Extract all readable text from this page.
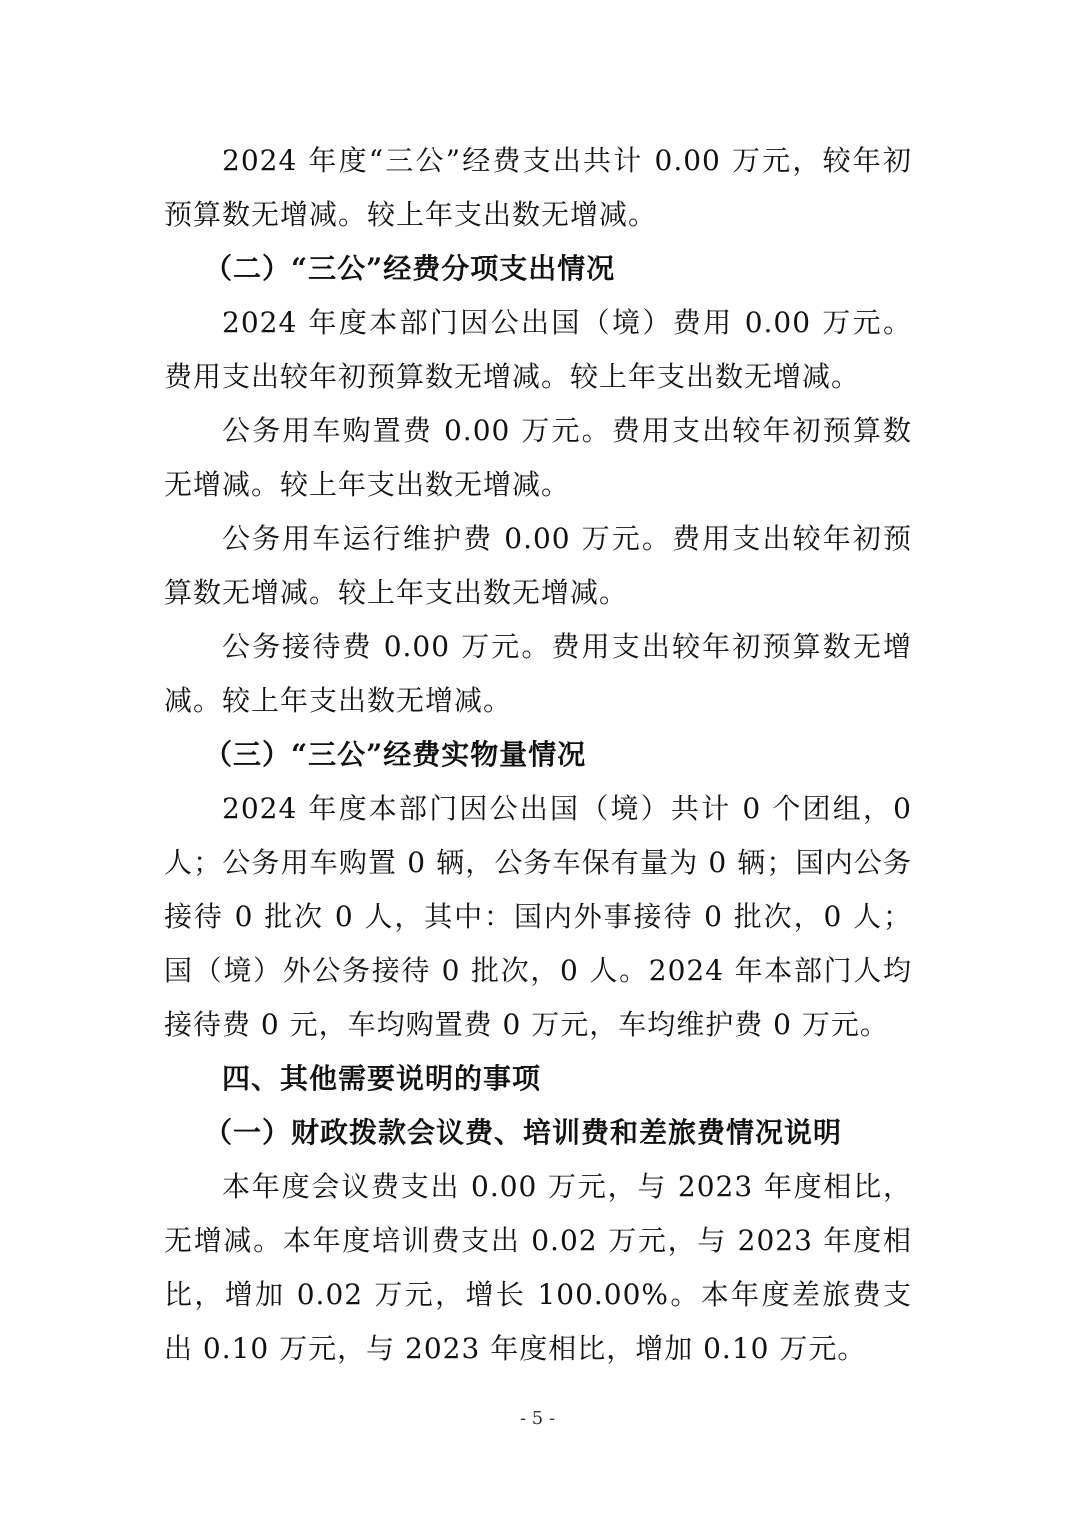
2024 年度“三公”经费支出共计 0.00 万元，较年初预算数无增减。较上年支出数无增减。

（二）“三公”经费分项支出情况

2024 年度本部门因公出国（境）费用 0.00 万元。费用支出较年初预算数无增减。较上年支出数无增减。

公务用车购置费 0.00 万元。费用支出较年初预算数无增减。较上年支出数无增减。

公务用车运行维护费 0.00 万元。费用支出较年初预算数无增减。较上年支出数无增减。

公务接待费 0.00 万元。费用支出较年初预算数无增减。较上年支出数无增减。

（三）“三公”经费实物量情况

2024 年度本部门因公出国（境）共计 0 个团组，0 人；公务用车购置 0 辆，公务车保有量为 0 辆；国内公务接待 0 批次 0 人，其中：国内外事接待 0 批次，0 人；国（境）外公务接待 0 批次，0 人。2024 年本部门人均接待费 0 元，车均购置费 0 万元，车均维护费 0 万元。

四、其他需要说明的事项

（一）财政拨款会议费、培训费和差旅费情况说明

本年度会议费支出 0.00 万元，与 2023 年度相比，无增减。本年度培训费支出 0.02 万元，与 2023 年度相比，增加 0.02 万元，增长 100.00%。本年度差旅费支出 0.10 万元，与 2023 年度相比，增加 0.10 万元。

- 5 -
